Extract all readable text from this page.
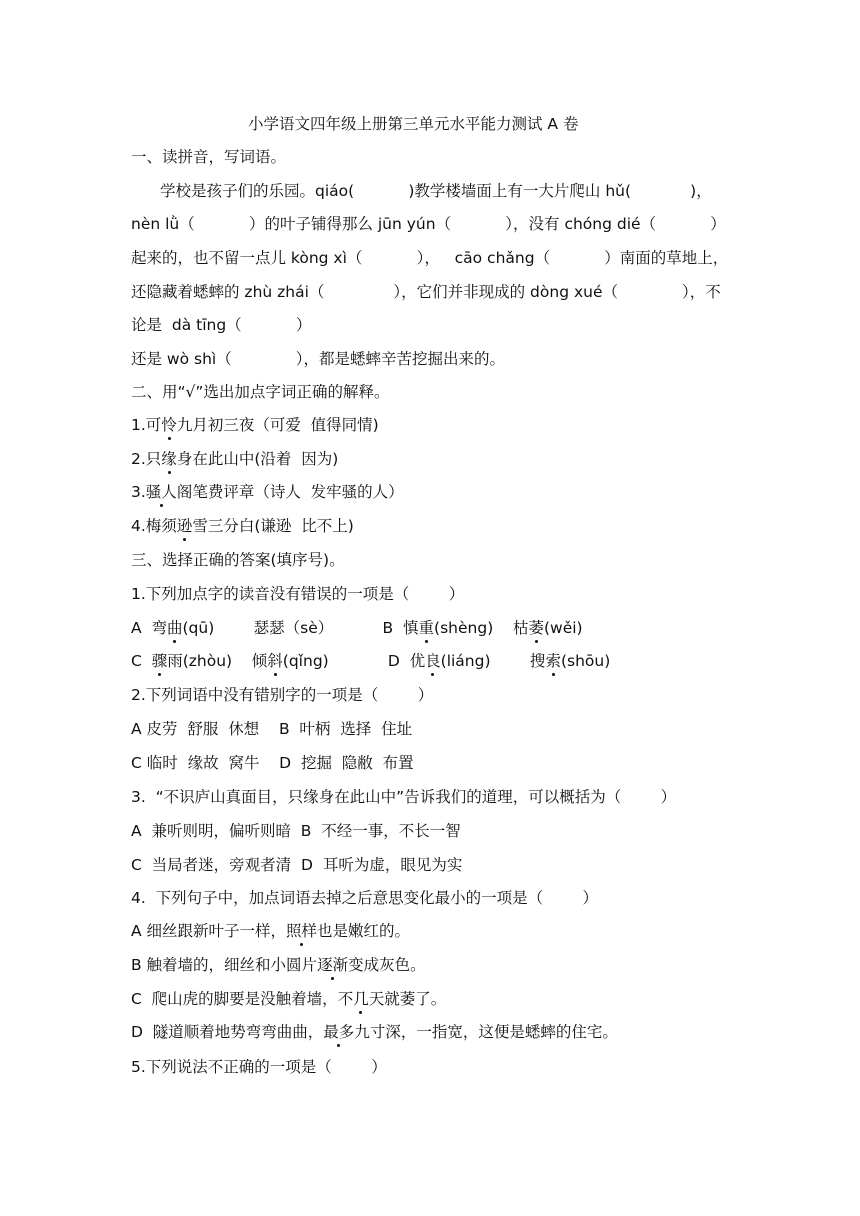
小学语文四年级上册第三单元水平能力测试 A 卷
一、读拼音，写词语。
学校是孩子们的乐园。qiáo(           )教学楼墙面上有一大片爬山 hǔ(            )，
nèn lǜ（           ）的叶子铺得那么 jūn yún（           ），没有 chóng dié（           ）
起来的，也不留一点儿 kòng xì（           ），   cāo chǎng（           ）南面的草地上，
还隐藏着蟋蟀的 zhù zhái（              ），它们并非现成的 dòng xué（             ），不
论是  dà tīng（           ）
还是 wò shì（             ），都是蟋蟀辛苦挖掘出来的。
二、用“√”选出加点字词正确的解释。
1.可怜九月初三夜（可爱  值得同情)
2.只缘身在此山中(沿着  因为)
3.骚人阁笔费评章（诗人  发牢骚的人）
4.梅须逊雪三分白(谦逊  比不上)
三、选择正确的答案(填序号)。
1.下列加点字的读音没有错误的一项是（        ）
A  弯曲(qū)        瑟瑟（sè）          B  慎重(shèng)    枯萎(wěi)
C  骤雨(zhòu)    倾斜(qǐng)            D  优良(liáng)        搜索(shōu)
2.下列词语中没有错别字的一项是（        ）
A 皮劳  舒服  休想    B  叶柄  选择  住址
C 临时  缘故  窝牛    D  挖掘  隐敝  布置
3.  “不识庐山真面目，只缘身在此山中”告诉我们的道理，可以概括为（        ）
A  兼听则明，偏听则暗  B  不经一事，不长一智
C  当局者迷，旁观者清  D  耳听为虚，眼见为实
4.  下列句子中，加点词语去掉之后意思变化最小的一项是（        ）
A 细丝跟新叶子一样，照样也是嫩红的。
B 触着墙的，细丝和小圆片逐渐变成灰色。
C  爬山虎的脚要是没触着墙，不几天就萎了。
D  隧道顺着地势弯弯曲曲，最多九寸深，一指宽，这便是蟋蟀的住宅。
5.下列说法不正确的一项是（        ）
